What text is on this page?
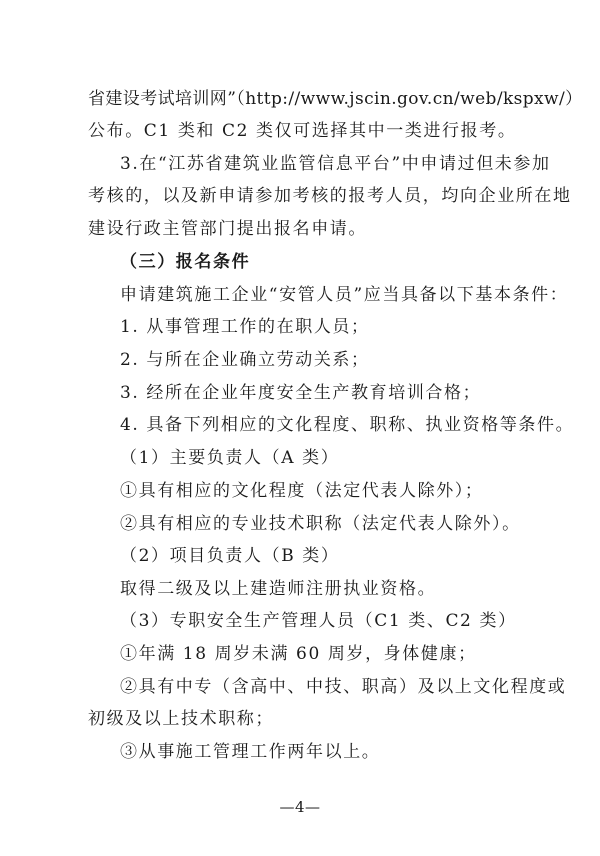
省建设考试培训网”（http://www.jscin.gov.cn/web/kspxw/）
公布。C1 类和 C2 类仅可选择其中一类进行报考。
3.在“江苏省建筑业监管信息平台”中申请过但未参加
考核的，以及新申请参加考核的报考人员，均向企业所在地
建设行政主管部门提出报名申请。
（三）报名条件
申请建筑施工企业“安管人员”应当具备以下基本条件：
1. 从事管理工作的在职人员；
2. 与所在企业确立劳动关系；
3. 经所在企业年度安全生产教育培训合格；
4. 具备下列相应的文化程度、职称、执业资格等条件。
（1）主要负责人（A 类）
①具有相应的文化程度（法定代表人除外）；
②具有相应的专业技术职称（法定代表人除外）。
（2）项目负责人（B 类）
取得二级及以上建造师注册执业资格。
（3）专职安全生产管理人员（C1 类、C2 类）
①年满 18 周岁未满 60 周岁，身体健康；
②具有中专（含高中、中技、职高）及以上文化程度或
初级及以上技术职称；
③从事施工管理工作两年以上。
—4—
